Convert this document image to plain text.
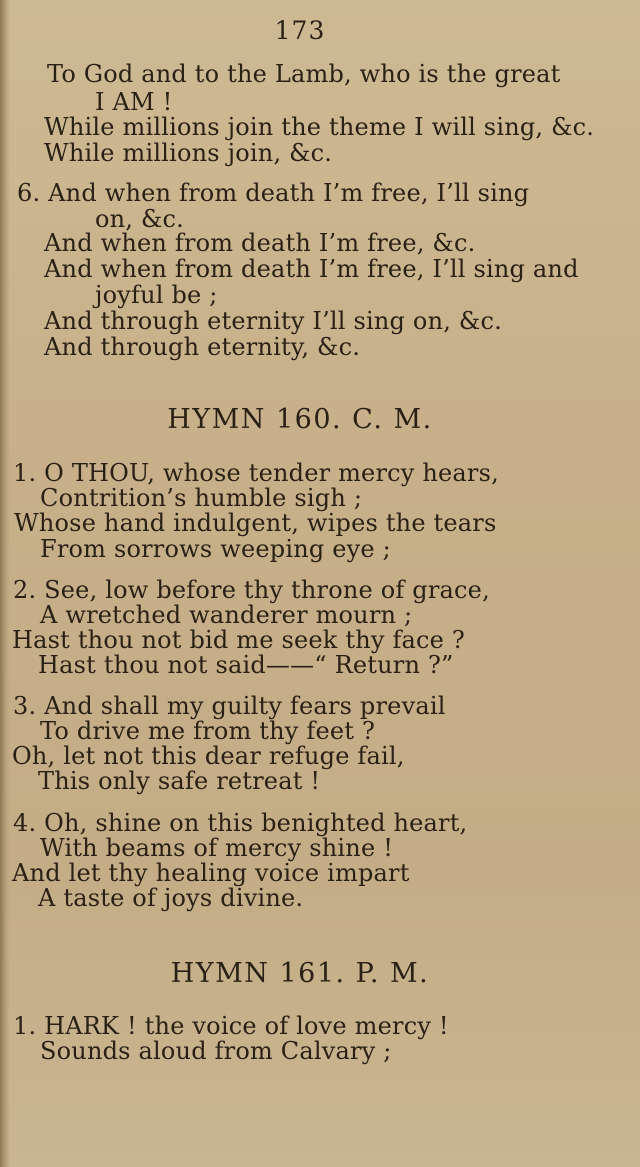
173
To God and to the Lamb, who is the great
I AM !
While millions join the theme I will sing, &c.
While millions join, &c.
6. And when from death I’m free, I’ll sing
on, &c.
And when from death I’m free, &c.
And when from death I’m free, I’ll sing and
joyful be ;
And through eternity I’ll sing on, &c.
And through eternity, &c.
HYMN 160. C. M.
1. O THOU, whose tender mercy hears,
Contrition’s humble sigh ;
Whose hand indulgent, wipes the tears
From sorrows weeping eye ;
2. See, low before thy throne of grace,
A wretched wanderer mourn ;
Hast thou not bid me seek thy face ?
Hast thou not said——“ Return ?”
3. And shall my guilty fears prevail
To drive me from thy feet ?
Oh, let not this dear refuge fail,
This only safe retreat !
4. Oh, shine on this benighted heart,
With beams of mercy shine !
And let thy healing voice impart
A taste of joys divine.
HYMN 161. P. M.
1. HARK ! the voice of love mercy !
Sounds aloud from Calvary ;
